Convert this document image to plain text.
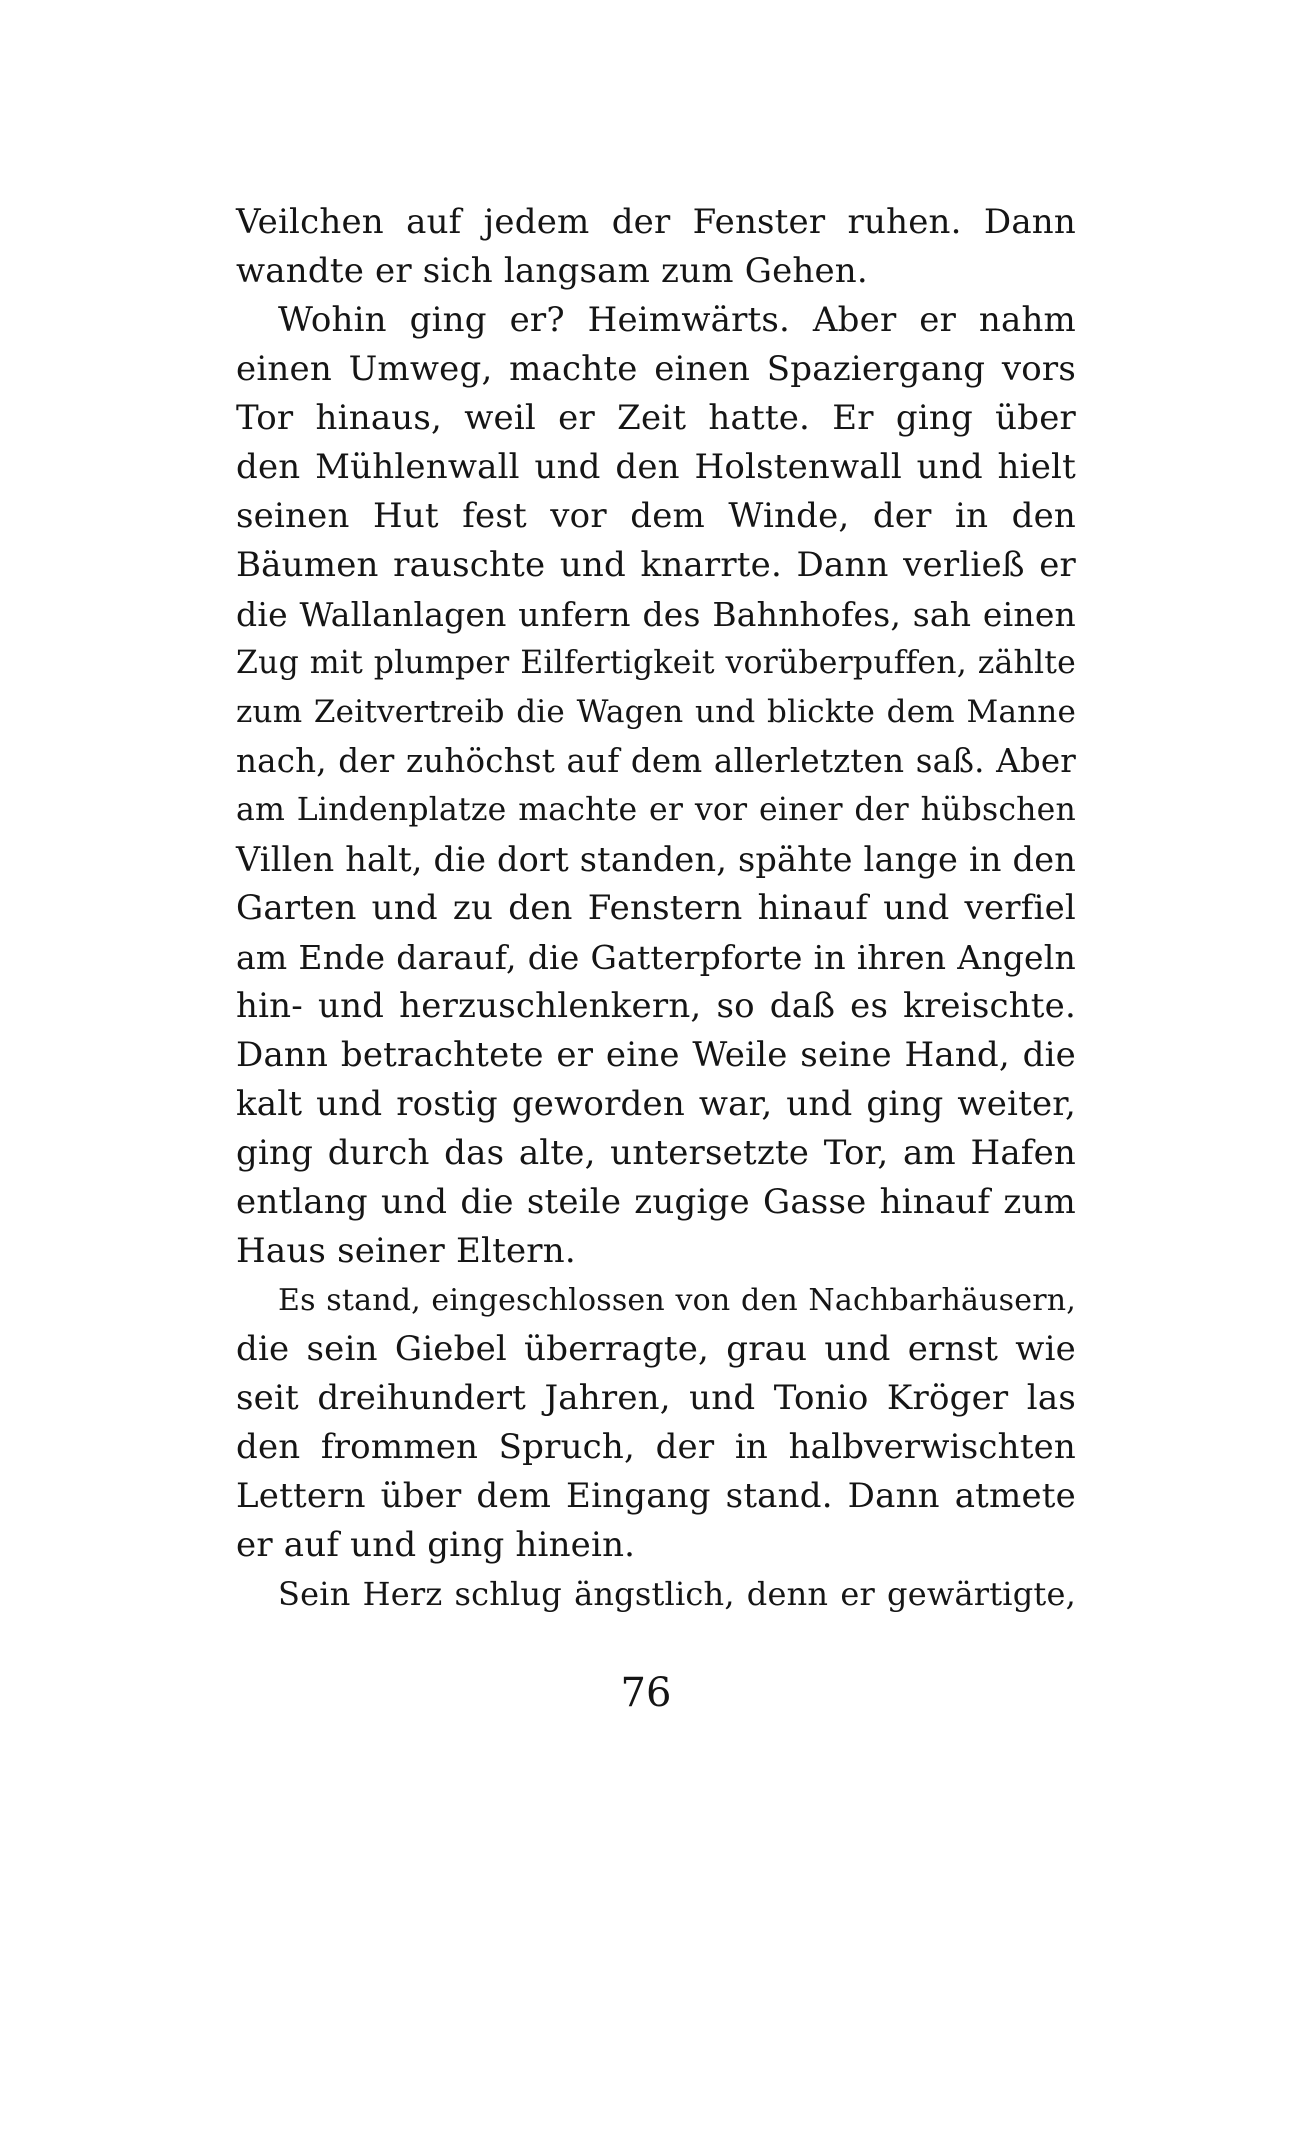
Veilchen auf jedem der Fenster ruhen. Dann
wandte er sich langsam zum Gehen.
Wohin ging er? Heimwärts. Aber er nahm
einen Umweg, machte einen Spaziergang vors
Tor hinaus, weil er Zeit hatte. Er ging über
den Mühlenwall und den Holstenwall und hielt
seinen Hut fest vor dem Winde, der in den
Bäumen rauschte und knarrte. Dann verließ er
die Wallanlagen unfern des Bahnhofes, sah einen
Zug mit plumper Eilfertigkeit vorüberpuffen, zählte
zum Zeitvertreib die Wagen und blickte dem Manne
nach, der zuhöchst auf dem allerletzten saß. Aber
am Lindenplatze machte er vor einer der hübschen
Villen halt, die dort standen, spähte lange in den
Garten und zu den Fenstern hinauf und verfiel
am Ende darauf, die Gatterpforte in ihren Angeln
hin- und herzuschlenkern, so daß es kreischte.
Dann betrachtete er eine Weile seine Hand, die
kalt und rostig geworden war, und ging weiter,
ging durch das alte, untersetzte Tor, am Hafen
entlang und die steile zugige Gasse hinauf zum
Haus seiner Eltern.
Es stand, eingeschlossen von den Nachbarhäusern,
die sein Giebel überragte, grau und ernst wie
seit dreihundert Jahren, und Tonio Kröger las
den frommen Spruch, der in halbverwischten
Lettern über dem Eingang stand. Dann atmete
er auf und ging hinein.
Sein Herz schlug ängstlich, denn er gewärtigte,
76
